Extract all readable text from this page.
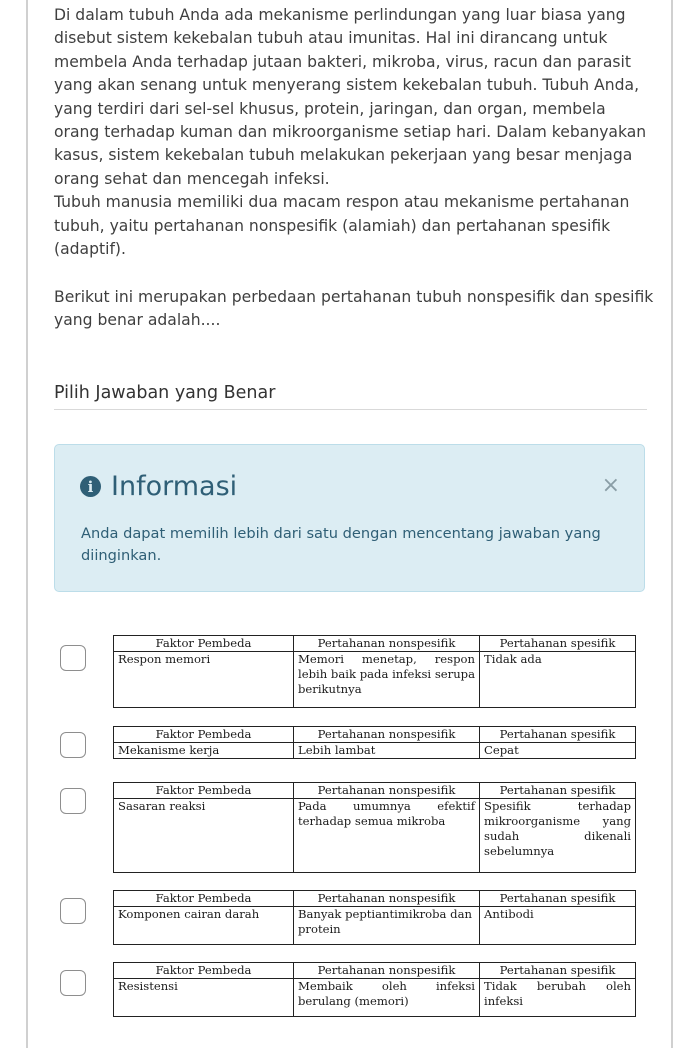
Di dalam tubuh Anda ada mekanisme perlindungan yang luar biasa yang disebut sistem kekebalan tubuh atau imunitas. Hal ini dirancang untuk membela Anda terhadap jutaan bakteri, mikroba, virus, racun dan parasit yang akan senang untuk menyerang sistem kekebalan tubuh. Tubuh Anda, yang terdiri dari sel-sel khusus, protein, jaringan, dan organ, membela orang terhadap kuman dan mikroorganisme setiap hari. Dalam kebanyakan kasus, sistem kekebalan tubuh melakukan pekerjaan yang besar menjaga orang sehat dan mencegah infeksi.

Tubuh manusia memiliki dua macam respon atau mekanisme pertahanan tubuh, yaitu pertahanan nonspesifik (alamiah) dan pertahanan spesifik (adaptif).

Berikut ini merupakan perbedaan pertahanan tubuh nonspesifik dan spesifik yang benar adalah....

Pilih Jawaban yang Benar
i Informasi	×
Anda dapat memilih lebih dari satu dengan mencentang jawaban yang diinginkan.
Faktor Pembeda	Pertahanan nonspesifik	Pertahanan spesifik
Respon memori	Memori menetap, respon lebih baik pada infeksi serupa berikutnya	Tidak ada
Faktor Pembeda	Pertahanan nonspesifik	Pertahanan spesifik
Mekanisme kerja	Lebih lambat	Cepat
Faktor Pembeda	Pertahanan nonspesifik	Pertahanan spesifik
Sasaran reaksi	Pada umumnya efektif terhadap semua mikroba	Spesifik terhadap mikroorganisme yang sudah dikenali sebelumnya
Faktor Pembeda	Pertahanan nonspesifik	Pertahanan spesifik
Komponen cairan darah	Banyak peptiantimikroba dan protein	Antibodi
Faktor Pembeda	Pertahanan nonspesifik	Pertahanan spesifik
Resistensi	Membaik oleh infeksi berulang (memori)	Tidak berubah oleh infeksi
